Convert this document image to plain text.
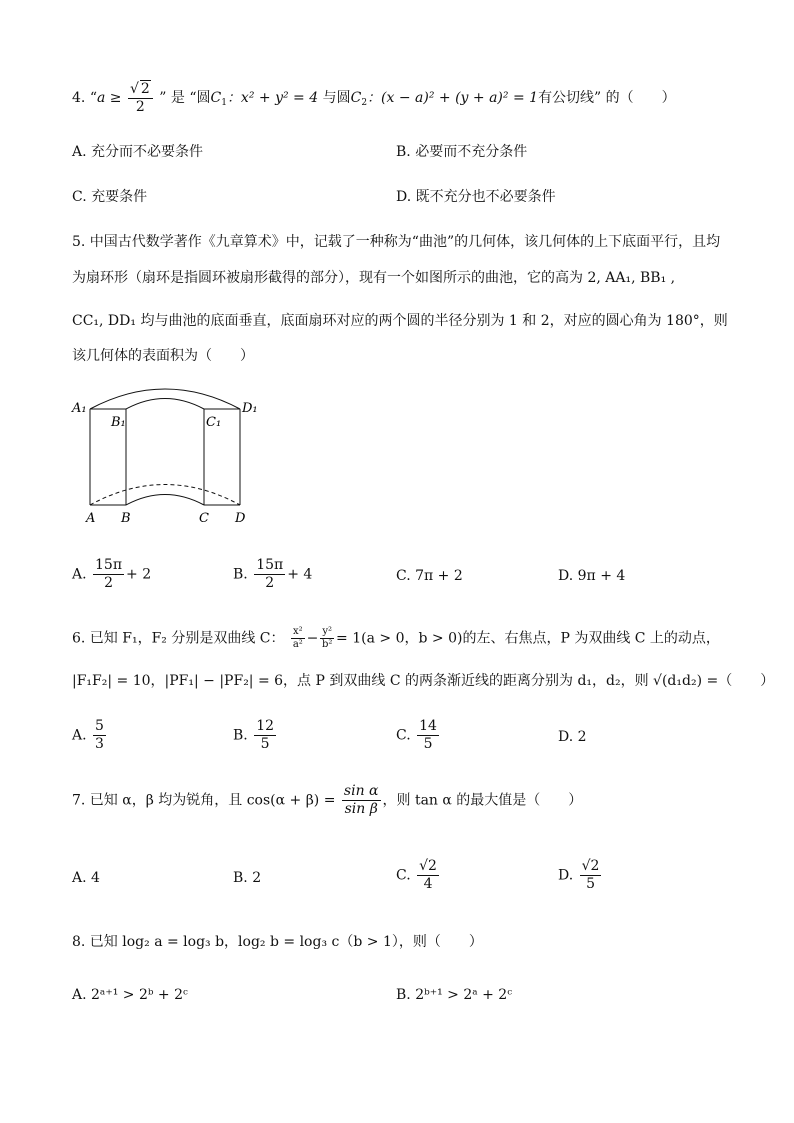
4. “$a \ge \frac{√ 2}{2}$ ” 是 “圆$C_1$：x² + y² = 4 与圆$C_2$：(x − a)² + (y + a)² = 1有公切线” 的（　　）
A. 充分而不必要条件	B. 必要而不充分条件
C. 充要条件	D. 既不充分也不必要条件
5. 中国古代数学著作《九章算术》中，记载了一种称为“曲池”的几何体，该几何体的上下底面平行，且均
为扇环形（扇环是指圆环被扇形截得的部分），现有一个如图所示的曲池，它的高为 2, AA₁, BB₁ ,
CC₁, DD₁ 均与曲池的底面垂直，底面扇环对应的两个圆的半径分别为 1 和 2，对应的圆心角为 180°，则
该几何体的表面积为（　　）
A₁
B₁	C₁
D₁
A B	C D
A. $\frac{15\pi}{2} + 2$	B. $\frac{15\pi}{2} + 4$	C. 7π + 2	D. 9π + 4
6. 已知 F₁，F₂ 分别是双曲线 C： $\frac{\text{x²}}{\text{a²}} - \frac{\text{y²}}{\text{b²}} = 1(a > 0$，b > 0)的左、右焦点，P 为双曲线 C 上的动点，
|F₁F₂| = 10，|PF₁| − |PF₂| = 6，点 P 到双曲线 C 的两条渐近线的距离分别为 d₁，d₂，则 √(d₁d₂) =（　　）
A. $\frac{5}{3}$	B. $\frac{12}{5}$	C. $\frac{14}{5}$	D. 2
7. 已知 α，β 均为锐角，且 $\cos(\alpha + \beta) = \frac{\text{sin α}}{\text{sin β}}$ ，则 tan α 的最大值是（　　）
A. 4	B. 2	C. $\frac{√2}{4}$	D. $\frac{√2}{5}$
8. 已知 log₂ a = log₃ b，log₂ b = log₃ c（b > 1），则（　　）
A. 2ᵃ⁺¹ > 2ᵇ + 2ᶜ	B. 2ᵇ⁺¹ > 2ᵃ + 2ᶜ
